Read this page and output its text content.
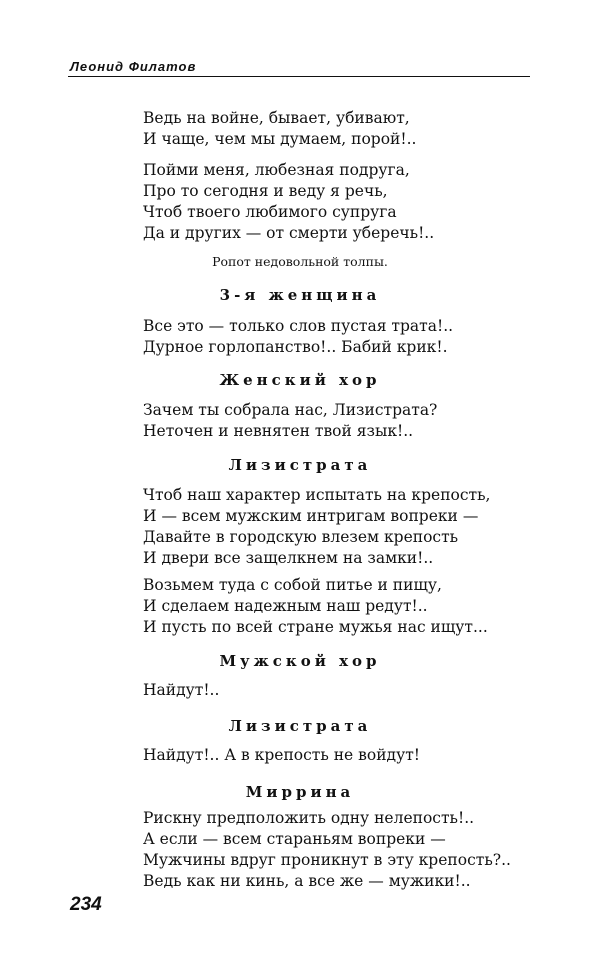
Леонид Филатов
Ведь на войне, бывает, убивают,
И чаще, чем мы думаем, порой!..
Пойми меня, любезная подруга,
Про то сегодня и веду я речь,
Чтоб твоего любимого супруга
Да и других — от смерти уберечь!..
Ропот недовольной толпы.
3-я женщина
Все это — только слов пустая трата!..
Дурное горлопанство!.. Бабий крик!.
Женский хор
Зачем ты собрала нас, Лизистрата?
Неточен и невнятен твой язык!..
Лизистрата
Чтоб наш характер испытать на крепость,
И — всем мужским интригам вопреки —
Давайте в городскую влезем крепость
И двери все защелкнем на замки!..
Возьмем туда с собой питье и пищу,
И сделаем надежным наш редут!..
И пусть по всей стране мужья нас ищут...
Мужской хор
Найдут!..
Лизистрата
Найдут!.. А в крепость не войдут!
Миррина
Рискну предположить одну нелепость!..
А если — всем стараньям вопреки —
Мужчины вдруг проникнут в эту крепость?..
Ведь как ни кинь, а все же — мужики!..
234
